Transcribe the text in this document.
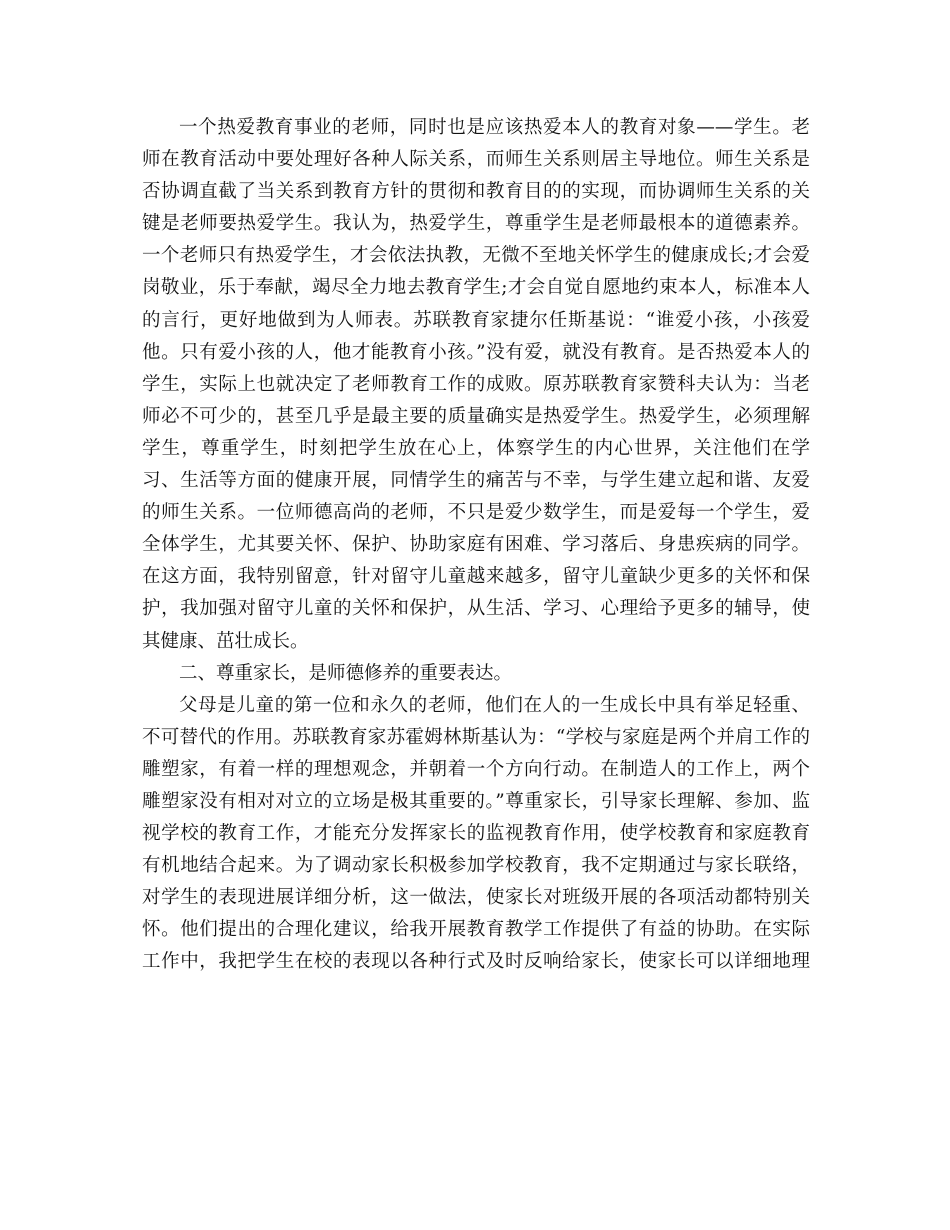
一个热爱教育事业的老师，同时也是应该热爱本人的教育对象——学生。老
师在教育活动中要处理好各种人际关系，而师生关系则居主导地位。师生关系是
否协调直截了当关系到教育方针的贯彻和教育目的的实现，而协调师生关系的关
键是老师要热爱学生。我认为，热爱学生，尊重学生是老师最根本的道德素养。
一个老师只有热爱学生，才会依法执教，无微不至地关怀学生的健康成长;才会爱
岗敬业，乐于奉献，竭尽全力地去教育学生;才会自觉自愿地约束本人，标准本人
的言行，更好地做到为人师表。苏联教育家捷尔任斯基说：“谁爱小孩，小孩爱
他。只有爱小孩的人，他才能教育小孩。”没有爱，就没有教育。是否热爱本人的
学生，实际上也就决定了老师教育工作的成败。原苏联教育家赞科夫认为：当老
师必不可少的，甚至几乎是最主要的质量确实是热爱学生。热爱学生，必须理解
学生，尊重学生，时刻把学生放在心上，体察学生的内心世界，关注他们在学
习、生活等方面的健康开展，同情学生的痛苦与不幸，与学生建立起和谐、友爱
的师生关系。一位师德高尚的老师，不只是爱少数学生，而是爱每一个学生，爱
全体学生，尤其要关怀、保护、协助家庭有困难、学习落后、身患疾病的同学。
在这方面，我特别留意，针对留守儿童越来越多，留守儿童缺少更多的关怀和保
护，我加强对留守儿童的关怀和保护，从生活、学习、心理给予更多的辅导，使
其健康、茁壮成长。
二、尊重家长，是师德修养的重要表达。
父母是儿童的第一位和永久的老师，他们在人的一生成长中具有举足轻重、
不可替代的作用。苏联教育家苏霍姆林斯基认为：“学校与家庭是两个并肩工作的
雕塑家，有着一样的理想观念，并朝着一个方向行动。在制造人的工作上，两个
雕塑家没有相对对立的立场是极其重要的。”尊重家长，引导家长理解、参加、监
视学校的教育工作，才能充分发挥家长的监视教育作用，使学校教育和家庭教育
有机地结合起来。为了调动家长积极参加学校教育，我不定期通过与家长联络，
对学生的表现进展详细分析，这一做法，使家长对班级开展的各项活动都特别关
怀。他们提出的合理化建议，给我开展教育教学工作提供了有益的协助。在实际
工作中，我把学生在校的表现以各种行式及时反响给家长，使家长可以详细地理
